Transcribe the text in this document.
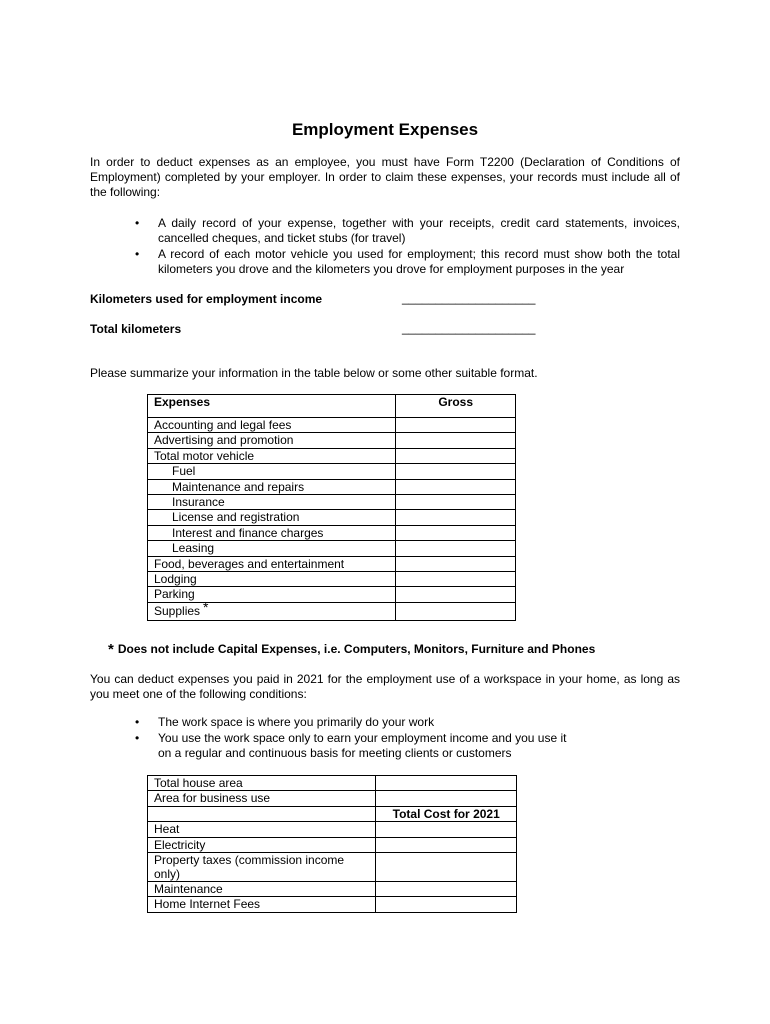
Employment Expenses
In order to deduct expenses as an employee, you must have Form T2200 (Declaration of Conditions of Employment) completed by your employer. In order to claim these expenses, your records must include all of the following:
• A daily record of your expense, together with your receipts, credit card statements, invoices, cancelled cheques, and ticket stubs (for travel)
• A record of each motor vehicle you used for employment; this record must show both the total kilometers you drove and the kilometers you drove for employment purposes in the year
Kilometers used for employment income	____________________
Total kilometers	____________________
Please summarize your information in the table below or some other suitable format.
Expenses	Gross
Accounting and legal fees	
Advertising and promotion	
Total motor vehicle	
Fuel	
Maintenance and repairs	
Insurance	
License and registration	
Interest and finance charges	
Leasing	
Food, beverages and entertainment	
Lodging	
Parking	
Supplies *	
* Does not include Capital Expenses, i.e. Computers, Monitors, Furniture and Phones
You can deduct expenses you paid in 2021 for the employment use of a workspace in your home, as long as you meet one of the following conditions:
• The work space is where you primarily do your work
• You use the work space only to earn your employment income and you use it on a regular and continuous basis for meeting clients or customers
Total house area	
Area for business use	
	Total Cost for 2021
Heat	
Electricity	
Property taxes (commission income only)	
Maintenance	
Home Internet Fees	
